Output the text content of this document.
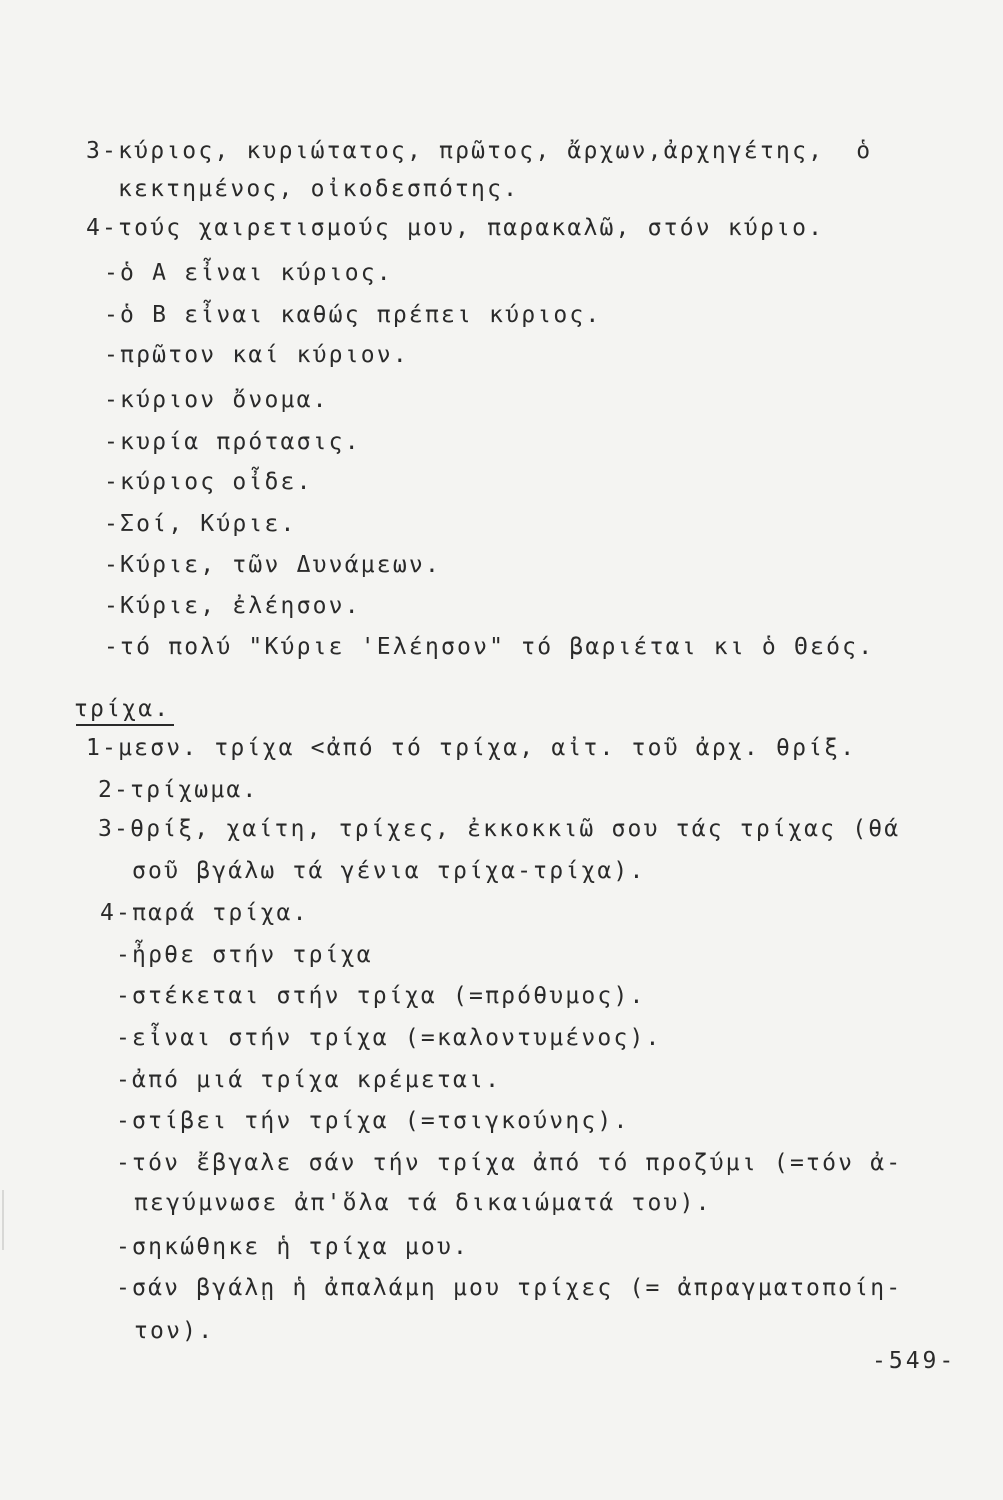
3-κύριος, κυριώτατος, πρῶτος, ἄρχων,ἀρχηγέτης,  ὁ
κεκτημένος, οἰκοδεσπότης.
4-τούς χαιρετισμούς μου, παρακαλῶ, στόν κύριο.
-ὁ Α εἶναι κύριος.
-ὁ Β εἶναι καθώς πρέπει κύριος.
-πρῶτον καί κύριον.
-κύριον ὄνομα.
-κυρία πρότασις.
-κύριος οἶδε.
-Σοί, Κύριε.
-Κύριε, τῶν Δυνάμεων.
-Κύριε, ἐλέησον.
-τό πολύ "Κύριε 'Ελέησον" τό βαριέται κι ὁ Θεός.
τρίχα.
1-μεσν. τρίχα <ἀπό τό τρίχα, αἰτ. τοῦ ἀρχ. θρίξ.
2-τρίχωμα.
3-θρίξ, χαίτη, τρίχες, ἐκκοκκιῶ σου τάς τρίχας (θά
σοῦ βγάλω τά γένια τρίχα-τρίχα).
4-παρά τρίχα.
-ἦρθε στήν τρίχα
-στέκεται στήν τρίχα (=πρόθυμος).
-εἶναι στήν τρίχα (=καλοντυμένος).
-ἀπό μιά τρίχα κρέμεται.
-στίβει τήν τρίχα (=τσιγκούνης).
-τόν ἔβγαλε σάν τήν τρίχα ἀπό τό προζύμι (=τόν ἀ-
πεγύμνωσε ἀπ'ὅλα τά δικαιώματά του).
-σηκώθηκε ἡ τρίχα μου.
-σάν βγάλῃ ἡ ἀπαλάμη μου τρίχες (= ἀπραγματοποίη-
τον).
-549-
